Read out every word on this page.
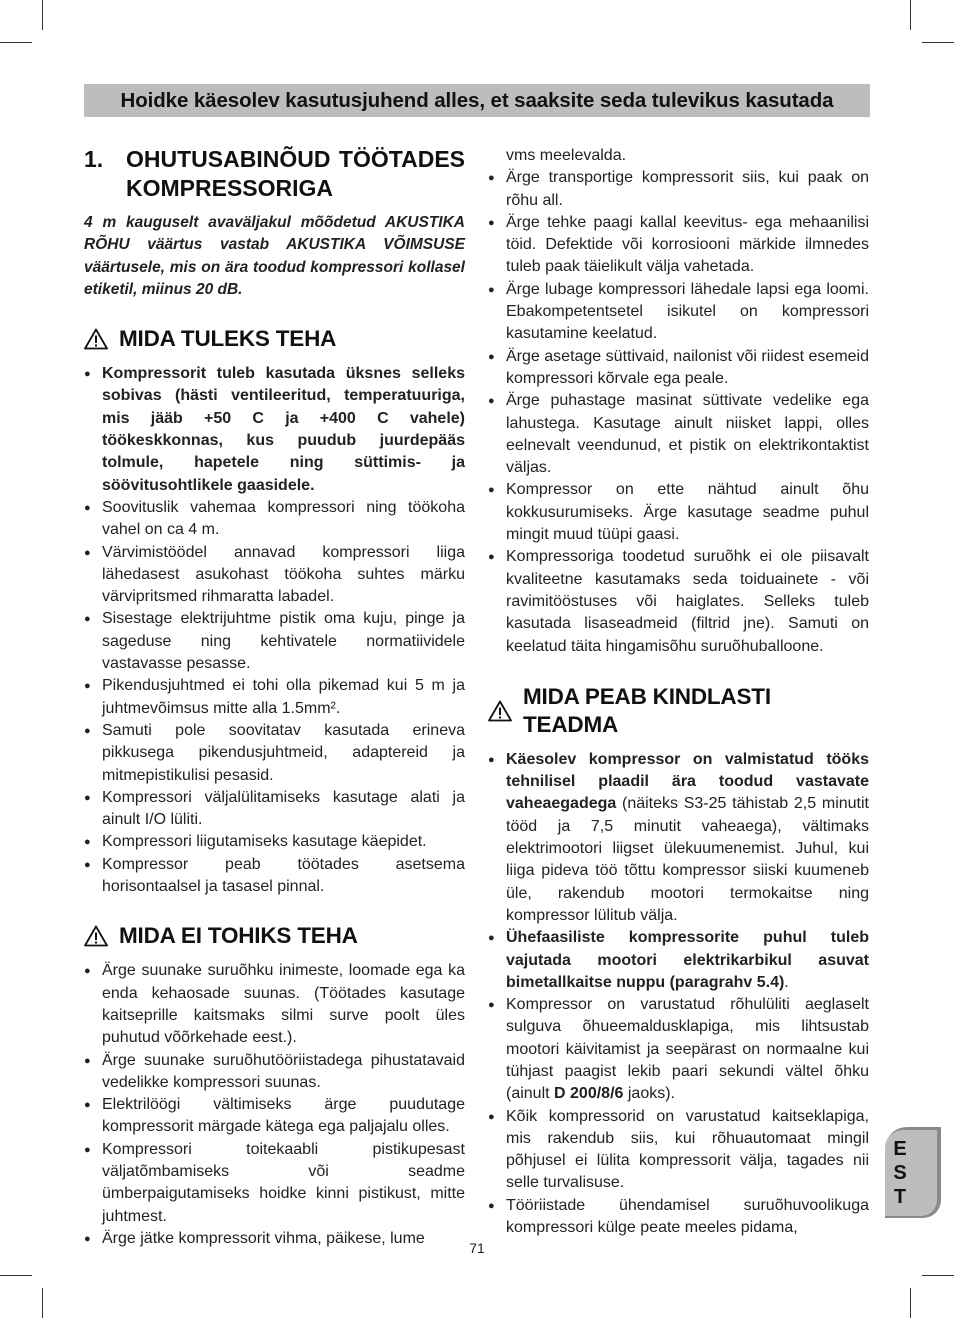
Hoidke käesolev kasutusjuhend alles, et saaksite seda tulevikus kasutada
1. OHUTUSABINÕUD TÖÖTADES
KOMPRESSORIGA

4 m kauguselt avaväljakul mõõdetud AKUSTIKA RÕHU väärtus vastab AKUSTIKA VÕIMSUSE väärtusele, mis on ära toodud kompressori kollasel etiketil, miinus 20 dB.

MIDA TULEKS TEHA
● Kompressorit tuleb kasutada üksnes selleks sobivas (hästi ventileeritud, temperatuuriga, mis jääb +50 C ja +400 C vahele) töökeskkonnas, kus puudub juurdepääs tolmule, hapetele ning süttimis- ja söövitusohtlikele gaasidele.
● Soovituslik vahemaa kompressori ning töökoha vahel on ca 4 m.
● Värvimistöödel annavad kompressori liiga lähedasest asukohast töökoha suhtes märku värvipritsmed rihmaratta labadel.
● Sisestage elektrijuhtme pistik oma kuju, pinge ja sageduse ning kehtivatele normatiividele vastavasse pesasse.
● Pikendusjuhtmed ei tohi olla pikemad kui 5 m ja juhtmevõimsus mitte alla 1.5mm².
● Samuti pole soovitatav kasutada erineva pikkusega pikendusjuhtmeid, adaptereid ja mitmepistikulisi pesasid.
● Kompressori väljalülitamiseks kasutage alati ja ainult I/O lüliti.
● Kompressori liigutamiseks kasutage käepidet.
● Kompressor peab töötades asetsema horisontaalsel ja tasasel pinnal.
MIDA EI TOHIKS TEHA
● Ärge suunake suruõhku inimeste, loomade ega ka enda kehaosade suunas. (Töötades kasutage kaitseprille kaitsmaks silmi surve poolt üles puhutud võõrkehade eest.).
● Ärge suunake suruõhutööriistadega pihustatavaid vedelikke kompressori suunas.
● Elektrilöögi vältimiseks ärge puudutage kompressorit märgade kätega ega paljajalu olles.
● Kompressori toitekaabli pistikupesast väljatõmbamiseks või seadme ümberpaigutamiseks hoidke kinni pistikust, mitte juhtmest.
● Ärge jätke kompressorit vihma, päikese, lume

vms meelevalda.

● Ärge transportige kompressorit siis, kui paak on rõhu all.
● Ärge tehke paagi kallal keevitus- ega mehaanilisi töid. Defektide või korrosiooni märkide ilmnedes tuleb paak täielikult välja vahetada.
● Ärge lubage kompressori lähedale lapsi ega loomi. Ebakompetentsetel isikutel on kompressori kasutamine keelatud.
● Ärge asetage süttivaid, nailonist või riidest esemeid kompressori kõrvale ega peale.
● Ärge puhastage masinat süttivate vedelike ega lahustega. Kasutage ainult niisket lappi, olles eelnevalt veendunud, et pistik on elektrikontaktist väljas.
● Kompressor on ette nähtud ainult õhu kokkusurumiseks. Ärge kasutage seadme puhul mingit muud tüüpi gaasi.
● Kompressoriga toodetud suruõhk ei ole piisavalt kvaliteetne kasutamaks seda toiduainete - või ravimitööstuses või haiglates. Selleks tuleb kasutada lisaseadmeid (filtrid jne). Samuti on keelatud täita hingamisõhu suruõhuballoone.
MIDA PEAB KINDLASTI TEADMA
● Käesolev kompressor on valmistatud tööks tehnilisel plaadil ära toodud vastavate vaheaegadega (näiteks S3-25 tähistab 2,5 minutit tööd ja 7,5 minutit vaheaega), vältimaks elektrimootori liigset ülekuumenemist. Juhul, kui liiga pideva töö tõttu kompressor siiski kuumeneb üle, rakendub mootori termokaitse ning kompressor lülitub välja.
● Ühefaasiliste kompressorite puhul tuleb vajutada mootori elektrikarbikul asuvat bimetallkaitse nuppu (paragrahv 5.4).
● Kompressor on varustatud rõhulüliti aeglaselt sulguva õhueemaldusklapiga, mis lihtsustab mootori käivitamist ja seepärast on normaalne kui tühjast paagist lekib paari sekundi vältel õhku (ainult D 200/8/6 jaoks).
● Kõik kompressorid on varustatud kaitseklapiga, mis rakendub siis, kui rõhuautomaat mingil põhjusel ei lülita kompressorit välja, tagades nii selle turvalisuse.
● Tööriistade ühendamisel suruõhuvoolikuga kompressori külge peate meeles pidama,
E
S
T
71
